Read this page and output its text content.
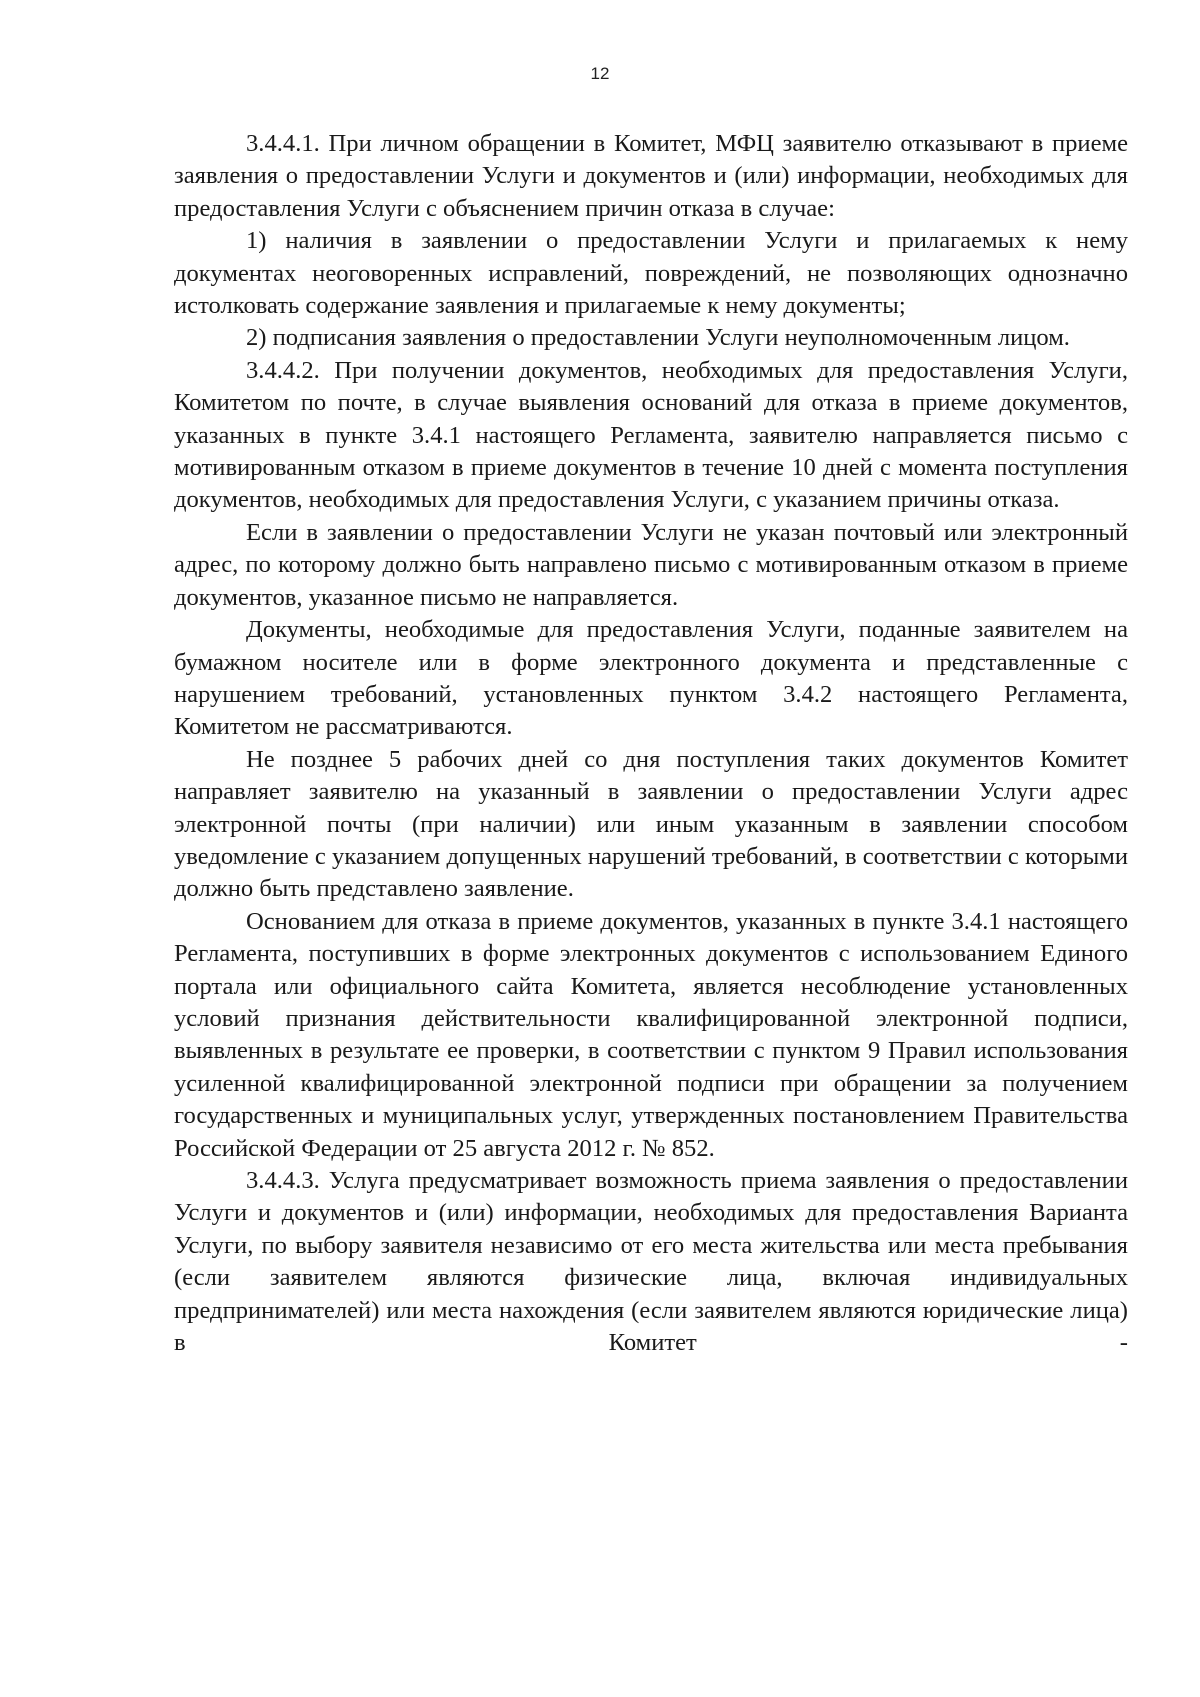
12

3.4.4.1. При личном обращении в Комитет, МФЦ заявителю отказывают в приеме заявления о предоставлении Услуги и документов и (или) информации, необходимых для предоставления Услуги с объяснением причин отказа в случае:

1) наличия в заявлении о предоставлении Услуги и прилагаемых к нему документах неоговоренных исправлений, повреждений, не позволяющих однозначно истолковать содержание заявления и прилагаемые к нему документы;

2) подписания заявления о предоставлении Услуги неуполномоченным лицом.

3.4.4.2. При получении документов, необходимых для предоставления Услуги, Комитетом по почте, в случае выявления оснований для отказа в приеме документов, указанных в пункте 3.4.1 настоящего Регламента, заявителю направляется письмо с мотивированным отказом в приеме документов в течение 10 дней с момента поступления документов, необходимых для предоставления Услуги, с указанием причины отказа.

Если в заявлении о предоставлении Услуги не указан почтовый или электронный адрес, по которому должно быть направлено письмо с мотивированным отказом в приеме документов, указанное письмо не направляется.

Документы, необходимые для предоставления Услуги, поданные заявителем на бумажном носителе или в форме электронного документа и представленные с нарушением требований, установленных пунктом 3.4.2 настоящего Регламента, Комитетом не рассматриваются.

Не позднее 5 рабочих дней со дня поступления таких документов Комитет направляет заявителю на указанный в заявлении о предоставлении Услуги адрес электронной почты (при наличии) или иным указанным в заявлении способом уведомление с указанием допущенных нарушений требований, в соответствии с которыми должно быть представлено заявление.

Основанием для отказа в приеме документов, указанных в пункте 3.4.1 настоящего Регламента, поступивших в форме электронных документов с использованием Единого портала или официального сайта Комитета, является несоблюдение установленных условий признания действительности квалифицированной электронной подписи, выявленных в результате ее проверки, в соответствии с пунктом 9 Правил использования усиленной квалифицированной электронной подписи при обращении за получением государственных и муниципальных услуг, утвержденных постановлением Правительства Российской Федерации от 25 августа 2012 г. № 852.

3.4.4.3. Услуга предусматривает возможность приема заявления о предоставлении Услуги и документов и (или) информации, необходимых для предоставления Варианта Услуги, по выбору заявителя независимо от его места жительства или места пребывания (если заявителем являются физические лица, включая индивидуальных предпринимателей) или места нахождения (если заявителем являются юридические лица) в Комитет -
